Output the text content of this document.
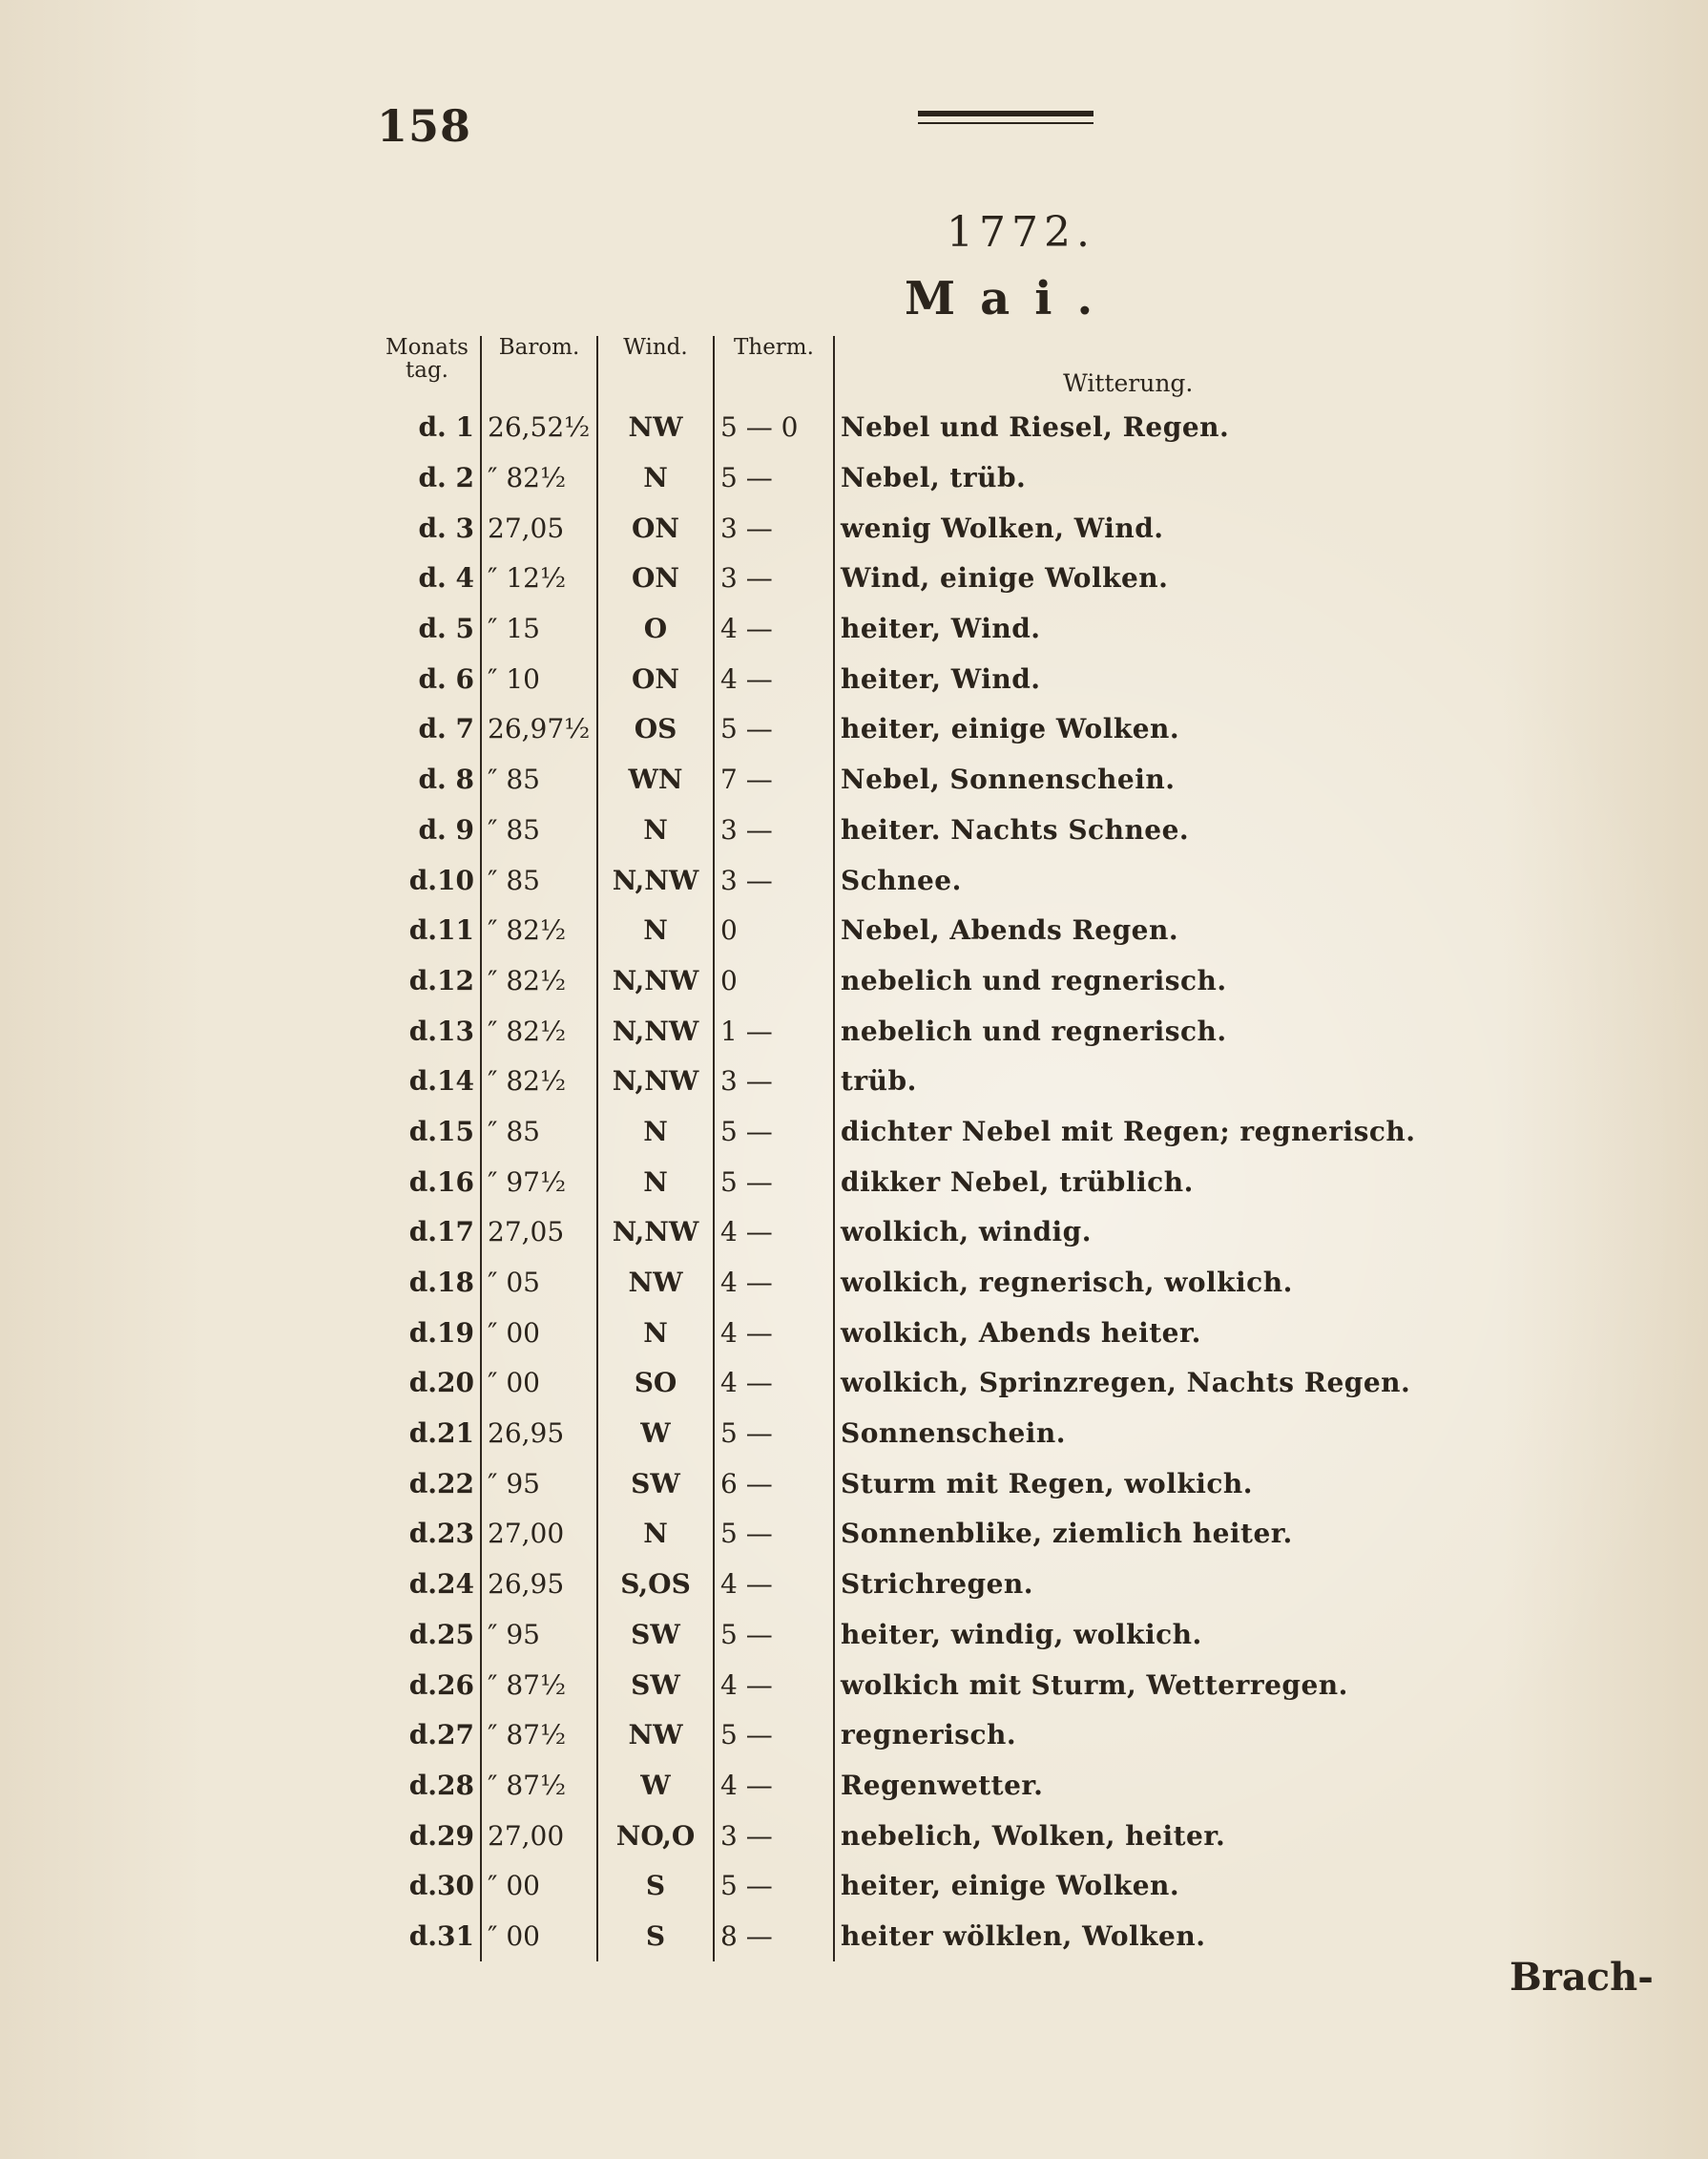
158
1772.
Mai.
Monats tag.	Barom.	Wind.	Therm.	Witterung.
d. 1	26,52½	NW	5 — 0	Nebel und Riesel, Regen.
d. 2	″ 82½	N	5 —	Nebel, trüb.
d. 3	27,05	ON	3 —	wenig Wolken, Wind.
d. 4	″ 12½	ON	3 —	Wind, einige Wolken.
d. 5	″ 15	O	4 —	heiter, Wind.
d. 6	″ 10	ON	4 —	heiter, Wind.
d. 7	26,97½	OS	5 —	heiter, einige Wolken.
d. 8	″ 85	WN	7 —	Nebel, Sonnenschein.
d. 9	″ 85	N	3 —	heiter. Nachts Schnee.
d.10	″ 85	N,NW	3 —	Schnee.
d.11	″ 82½	N	0	Nebel, Abends Regen.
d.12	″ 82½	N,NW	0	nebelich und regnerisch.
d.13	″ 82½	N,NW	1 —	nebelich und regnerisch.
d.14	″ 82½	N,NW	3 —	trüb.
d.15	″ 85	N	5 —	dichter Nebel mit Regen; regnerisch.
d.16	″ 97½	N	5 —	dikker Nebel, trüblich.
d.17	27,05	N,NW	4 —	wolkich, windig.
d.18	″ 05	NW	4 —	wolkich, regnerisch, wolkich.
d.19	″ 00	N	4 —	wolkich, Abends heiter.
d.20	″ 00	SO	4 —	wolkich, Sprinzregen, Nachts Regen.
d.21	26,95	W	5 —	Sonnenschein.
d.22	″ 95	SW	6 —	Sturm mit Regen, wolkich.
d.23	27,00	N	5 —	Sonnenblike, ziemlich heiter.
d.24	26,95	S,OS	4 —	Strichregen.
d.25	″ 95	SW	5 —	heiter, windig, wolkich.
d.26	″ 87½	SW	4 —	wolkich mit Sturm, Wetterregen.
d.27	″ 87½	NW	5 —	regnerisch.
d.28	″ 87½	W	4 —	Regenwetter.
d.29	27,00	NO,O	3 —	nebelich, Wolken, heiter.
d.30	″ 00	S	5 —	heiter, einige Wolken.
d.31	″ 00	S	8 —	heiter wölklen, Wolken.
Brach-
